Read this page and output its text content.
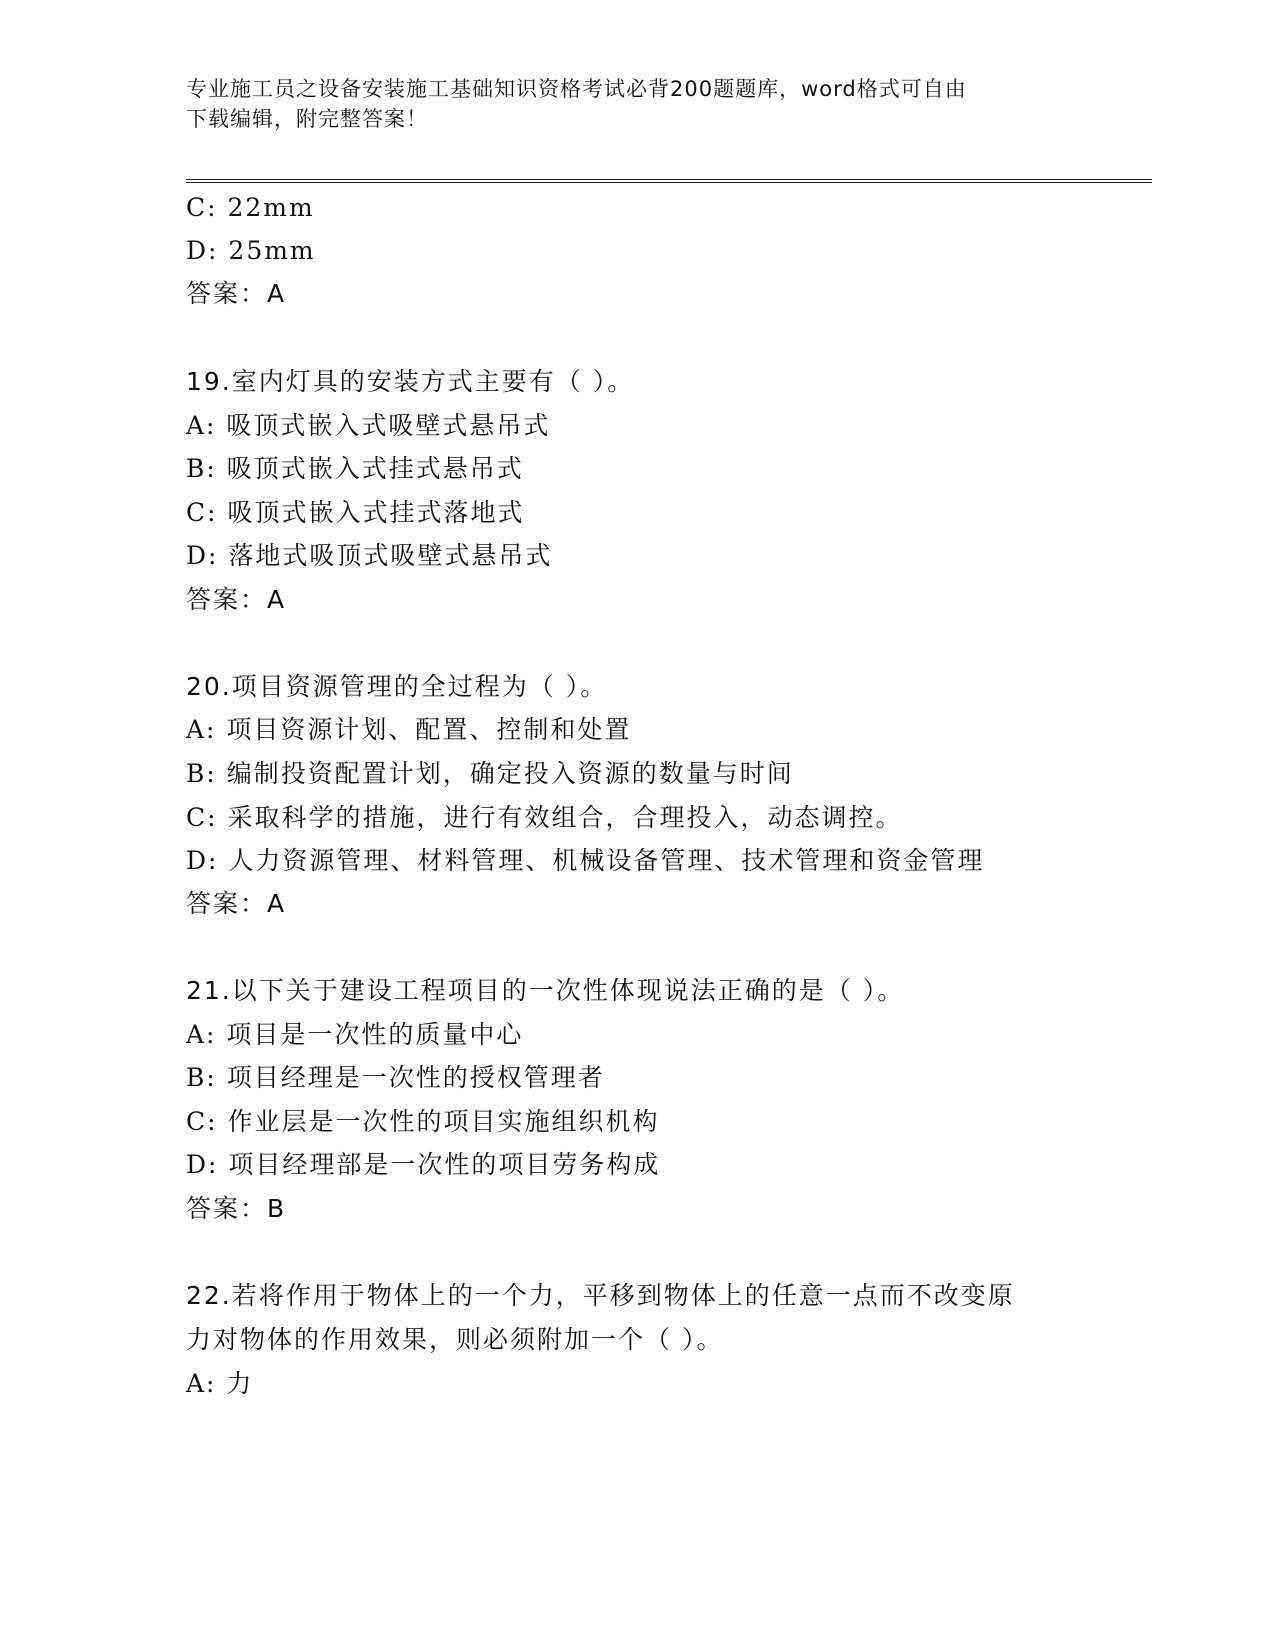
专业施工员之设备安装施工基础知识资格考试必背200题题库，word格式可自由
下载编辑，附完整答案！
C: 22mm
D: 25mm
答案：A
19.室内灯具的安装方式主要有（ ）。
A: 吸顶式嵌入式吸壁式悬吊式
B: 吸顶式嵌入式挂式悬吊式
C: 吸顶式嵌入式挂式落地式
D: 落地式吸顶式吸壁式悬吊式
答案：A
20.项目资源管理的全过程为（ ）。
A: 项目资源计划、配置、控制和处置
B: 编制投资配置计划，确定投入资源的数量与时间
C: 采取科学的措施，进行有效组合，合理投入，动态调控。
D: 人力资源管理、材料管理、机械设备管理、技术管理和资金管理
答案：A
21.以下关于建设工程项目的一次性体现说法正确的是（ ）。
A: 项目是一次性的质量中心
B: 项目经理是一次性的授权管理者
C: 作业层是一次性的项目实施组织机构
D: 项目经理部是一次性的项目劳务构成
答案：B
22.若将作用于物体上的一个力，平移到物体上的任意一点而不改变原
力对物体的作用效果，则必须附加一个（ ）。
A: 力
